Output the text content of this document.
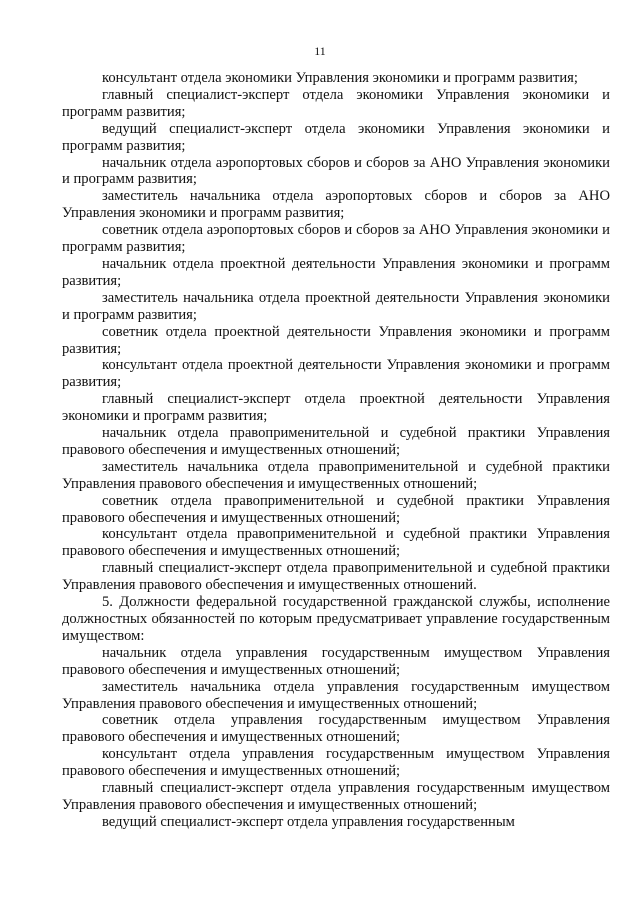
11

консультант отдела экономики Управления экономики и программ развития;

главный специалист-эксперт отдела экономики Управления экономики и программ развития;

ведущий специалист-эксперт отдела экономики Управления экономики и программ развития;

начальник отдела аэропортовых сборов и сборов за АНО Управления экономики и программ развития;

заместитель начальника отдела аэропортовых сборов и сборов за АНО Управления экономики и программ развития;

советник отдела аэропортовых сборов и сборов за АНО Управления экономики и программ развития;

начальник отдела проектной деятельности Управления экономики и программ развития;

заместитель начальника отдела проектной деятельности Управления экономики и программ развития;

советник отдела проектной деятельности Управления экономики и программ развития;

консультант отдела проектной деятельности Управления экономики и программ развития;

главный специалист-эксперт отдела проектной деятельности Управления экономики и программ развития;

начальник отдела правоприменительной и судебной практики Управления правового обеспечения и имущественных отношений;

заместитель начальника отдела правоприменительной и судебной практики Управления правового обеспечения и имущественных отношений;

советник отдела правоприменительной и судебной практики Управления правового обеспечения и имущественных отношений;

консультант отдела правоприменительной и судебной практики Управления правового обеспечения и имущественных отношений;

главный специалист-эксперт отдела правоприменительной и судебной практики Управления правового обеспечения и имущественных отношений.

5. Должности федеральной государственной гражданской службы, исполнение должностных обязанностей по которым предусматривает управление государственным имуществом:

начальник отдела управления государственным имуществом Управления правового обеспечения и имущественных отношений;

заместитель начальника отдела управления государственным имуществом Управления правового обеспечения и имущественных отношений;

советник отдела управления государственным имуществом Управления правового обеспечения и имущественных отношений;

консультант отдела управления государственным имуществом Управления правового обеспечения и имущественных отношений;

главный специалист-эксперт отдела управления государственным имуществом Управления правового обеспечения и имущественных отношений;

ведущий специалист-эксперт отдела управления государственным
